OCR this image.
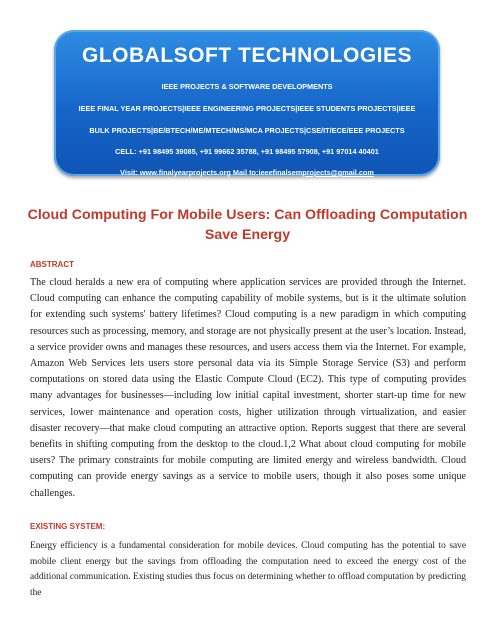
GLOBALSOFT TECHNOLOGIES
IEEE PROJECTS & SOFTWARE DEVELOPMENTS
IEEE FINAL YEAR PROJECTS|IEEE ENGINEERING PROJECTS|IEEE STUDENTS PROJECTS|IEEE
BULK PROJECTS|BE/BTECH/ME/MTECH/MS/MCA PROJECTS|CSE/IT/ECE/EEE PROJECTS
CELL: +91 98495 39085, +91 99662 35788, +91 98495 57908, +91 97014 40401
Visit: www.finalyearprojects.org Mail to:ieeefinalsemprojects@gmail.com
Cloud Computing For Mobile Users: Can Offloading Computation Save Energy
ABSTRACT
The cloud heralds a new era of computing where application services are provided through the Internet. Cloud computing can enhance the computing capability of mobile systems, but is it the ultimate solution for extending such systems' battery lifetimes? Cloud computing is a new paradigm in which computing resources such as processing, memory, and storage are not physically present at the user’s location. Instead, a service provider owns and manages these resources, and users access them via the Internet. For example, Amazon Web Services lets users store personal data via its Simple Storage Service (S3) and perform computations on stored data using the Elastic Compute Cloud (EC2). This type of computing provides many advantages for businesses—including low initial capital investment, shorter start-up time for new services, lower maintenance and operation costs, higher utilization through virtualization, and easier disaster recovery—that make cloud computing an attractive option. Reports suggest that there are several benefits in shifting computing from the desktop to the cloud.1,2 What about cloud computing for mobile users? The primary constraints for mobile computing are limited energy and wireless bandwidth. Cloud computing can provide energy savings as a service to mobile users, though it also poses some unique challenges.
EXISTING SYSTEM:
Energy efficiency is a fundamental consideration for mobile devices. Cloud computing has the potential to save mobile client energy but the savings from offloading the computation need to exceed the energy cost of the additional communication. Existing studies thus focus on determining whether to offload computation by predicting the
